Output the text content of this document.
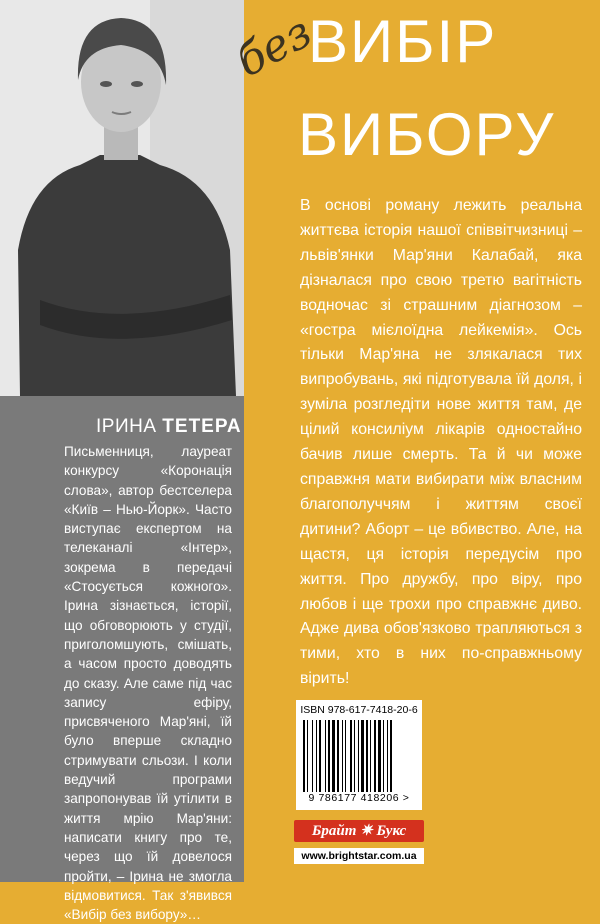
ВИБІР
без
ВИБОРУ
ІРИНА ТЕТЕРА
Письменниця, лауреат конкурсу «Коронація слова», автор бестселера «Київ – Нью-Йорк». Часто виступає експертом на телеканалі «Інтер», зокрема в передачі «Стосується кожного». Ірина зізнається, історії, що обговорюють у студії, приголомшують, смішать, а часом просто доводять до сказу. Але саме під час запису ефіру, присвяченого Мар'яні, їй було вперше складно стримувати сльози. І коли ведучий програми запропонував їй утілити в життя мрію Мар'яни: написати книгу про те, через що їй довелося пройти, – Ірина не змогла відмовитися. Так з'явився «Вибір без вибору»…
В основі роману лежить реальна життєва історія нашої співвітчизниці – львів'янки Мар'яни Калабай, яка дізналася про свою третю вагітність водночас зі страшним діагнозом – «гостра мієлоїдна лейкемія». Ось тільки Мар'яна не злякалася тих випробувань, які підготувала їй доля, і зуміла розгледіти нове життя там, де цілий консиліум лікарів одностайно бачив лише смерть. Та й чи може справжня мати вибирати між власним благополуччям і життям своєї дитини? Аборт – це вбивство. Але, на щастя, ця історія передусім про життя. Про дружбу, про віру, про любов і ще трохи про справжнє диво. Адже дива обов'язково трапляються з тими, хто в них по-справжньому вірить!
ISBN 978-617-7418-20-6
9 786177 418206 >
Брайт ✷ Букс
www.brightstar.com.ua
